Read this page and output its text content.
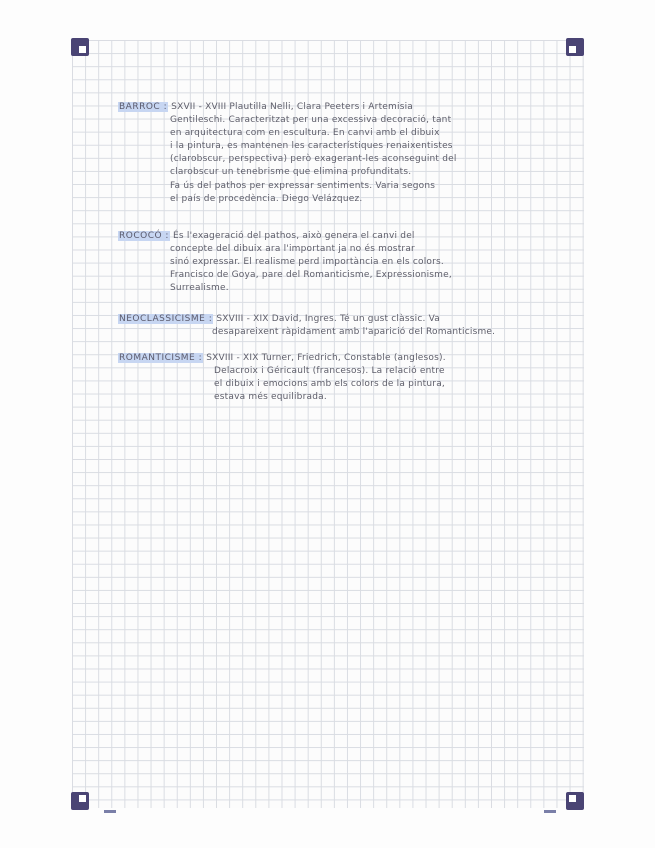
BARROC : SXVII - XVIII Plautilla Nelli, Clara Peeters i Artemisia
Gentileschi. Caracteritzat per una excessiva decoració, tant
en arquitectura com en escultura. En canvi amb el dibuix
i la pintura, es mantenen les característiques renaixentistes
(clarobscur, perspectiva) però exagerant-les aconseguint del
clarobscur un tenebrisme que elimina profunditats.
Fa ús del pathos per expressar sentiments. Varia segons
el país de procedència. Diego Velázquez.
ROCOCÓ : És l'exageració del pathos, això genera el canvi del
concepte del dibuix ara l'important ja no és mostrar
sinó expressar. El realisme perd importància en els colors.
Francisco de Goya, pare del Romanticisme, Expressionisme,
Surrealisme.
NEOCLASSICISME : SXVIII - XIX David, Ingres. Té un gust clàssic. Va
desapareixent ràpidament amb l'aparició del Romanticisme.
ROMANTICISME : SXVIII - XIX Turner, Friedrich, Constable (anglesos).
Delacroix i Géricault (francesos). La relació entre
el dibuix i emocions amb els colors de la pintura,
estava més equilibrada.
